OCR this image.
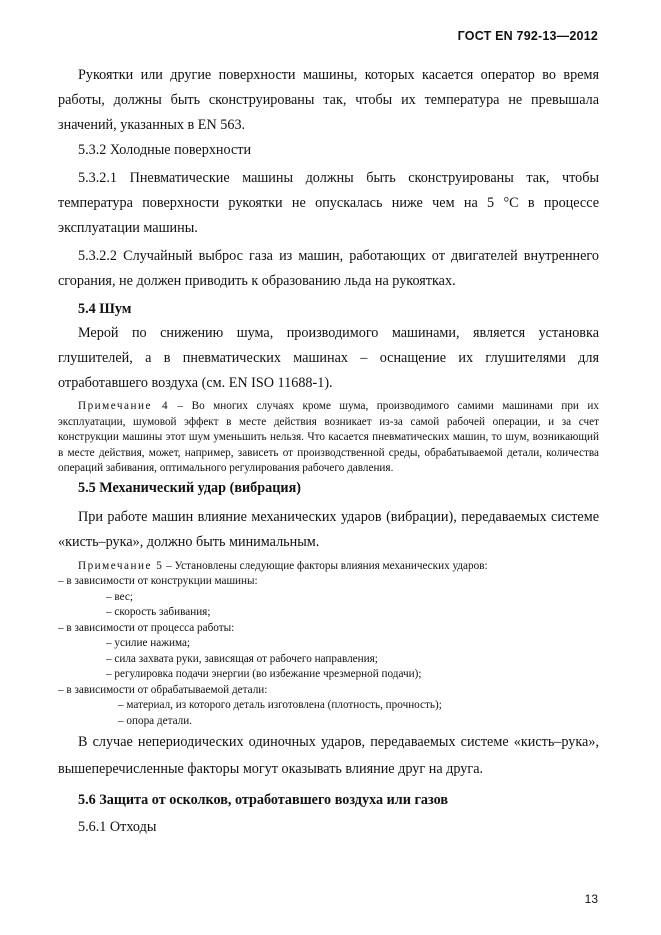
ГОСТ EN 792-13—2012

Рукоятки или другие поверхности машины, которых касается оператор во время работы, должны быть сконструированы так, чтобы их температура не превышала значений, указанных в EN 563.

5.3.2 Холодные поверхности

5.3.2.1 Пневматические машины должны быть сконструированы так, чтобы температура поверхности рукоятки не опускалась ниже чем на 5 °С в процессе эксплуатации машины.

5.3.2.2 Случайный выброс газа из машин, работающих от двигателей внутреннего сгорания, не должен приводить к образованию льда на рукоятках.

5.4 Шум

Мерой по снижению шума, производимого машинами, является установка глушителей, а в пневматических машинах – оснащение их глушителями для отработавшего воздуха (см. EN ISO 11688-1).

Примечание 4 – Во многих случаях кроме шума, производимого самими машинами при их эксплуатации, шумовой эффект в месте действия возникает из-за самой рабочей операции, и за счет конструкции машины этот шум уменьшить нельзя. Что касается пневматических машин, то шум, возникающий в месте действия, может, например, зависеть от производственной среды, обрабатываемой детали, количества операций забивания, оптимального регулирования рабочего давления.

5.5 Механический удар (вибрация)

При работе машин влияние механических ударов (вибрации), передаваемых системе «кисть–рука», должно быть минимальным.

Примечание 5 – Установлены следующие факторы влияния механических ударов:

– в зависимости от конструкции машины:
– вес;
– скорость забивания;
– в зависимости от процесса работы:
– усилие нажима;
– сила захвата руки, зависящая от рабочего направления;
– регулировка подачи энергии (во избежание чрезмерной подачи);
– в зависимости от обрабатываемой детали:
– материал, из которого деталь изготовлена (плотность, прочность);
– опора детали.

В случае непериодических одиночных ударов, передаваемых системе «кисть–рука», вышеперечисленные факторы могут оказывать влияние друг на друга.

5.6 Защита от осколков, отработавшего воздуха или газов

5.6.1 Отходы

13
